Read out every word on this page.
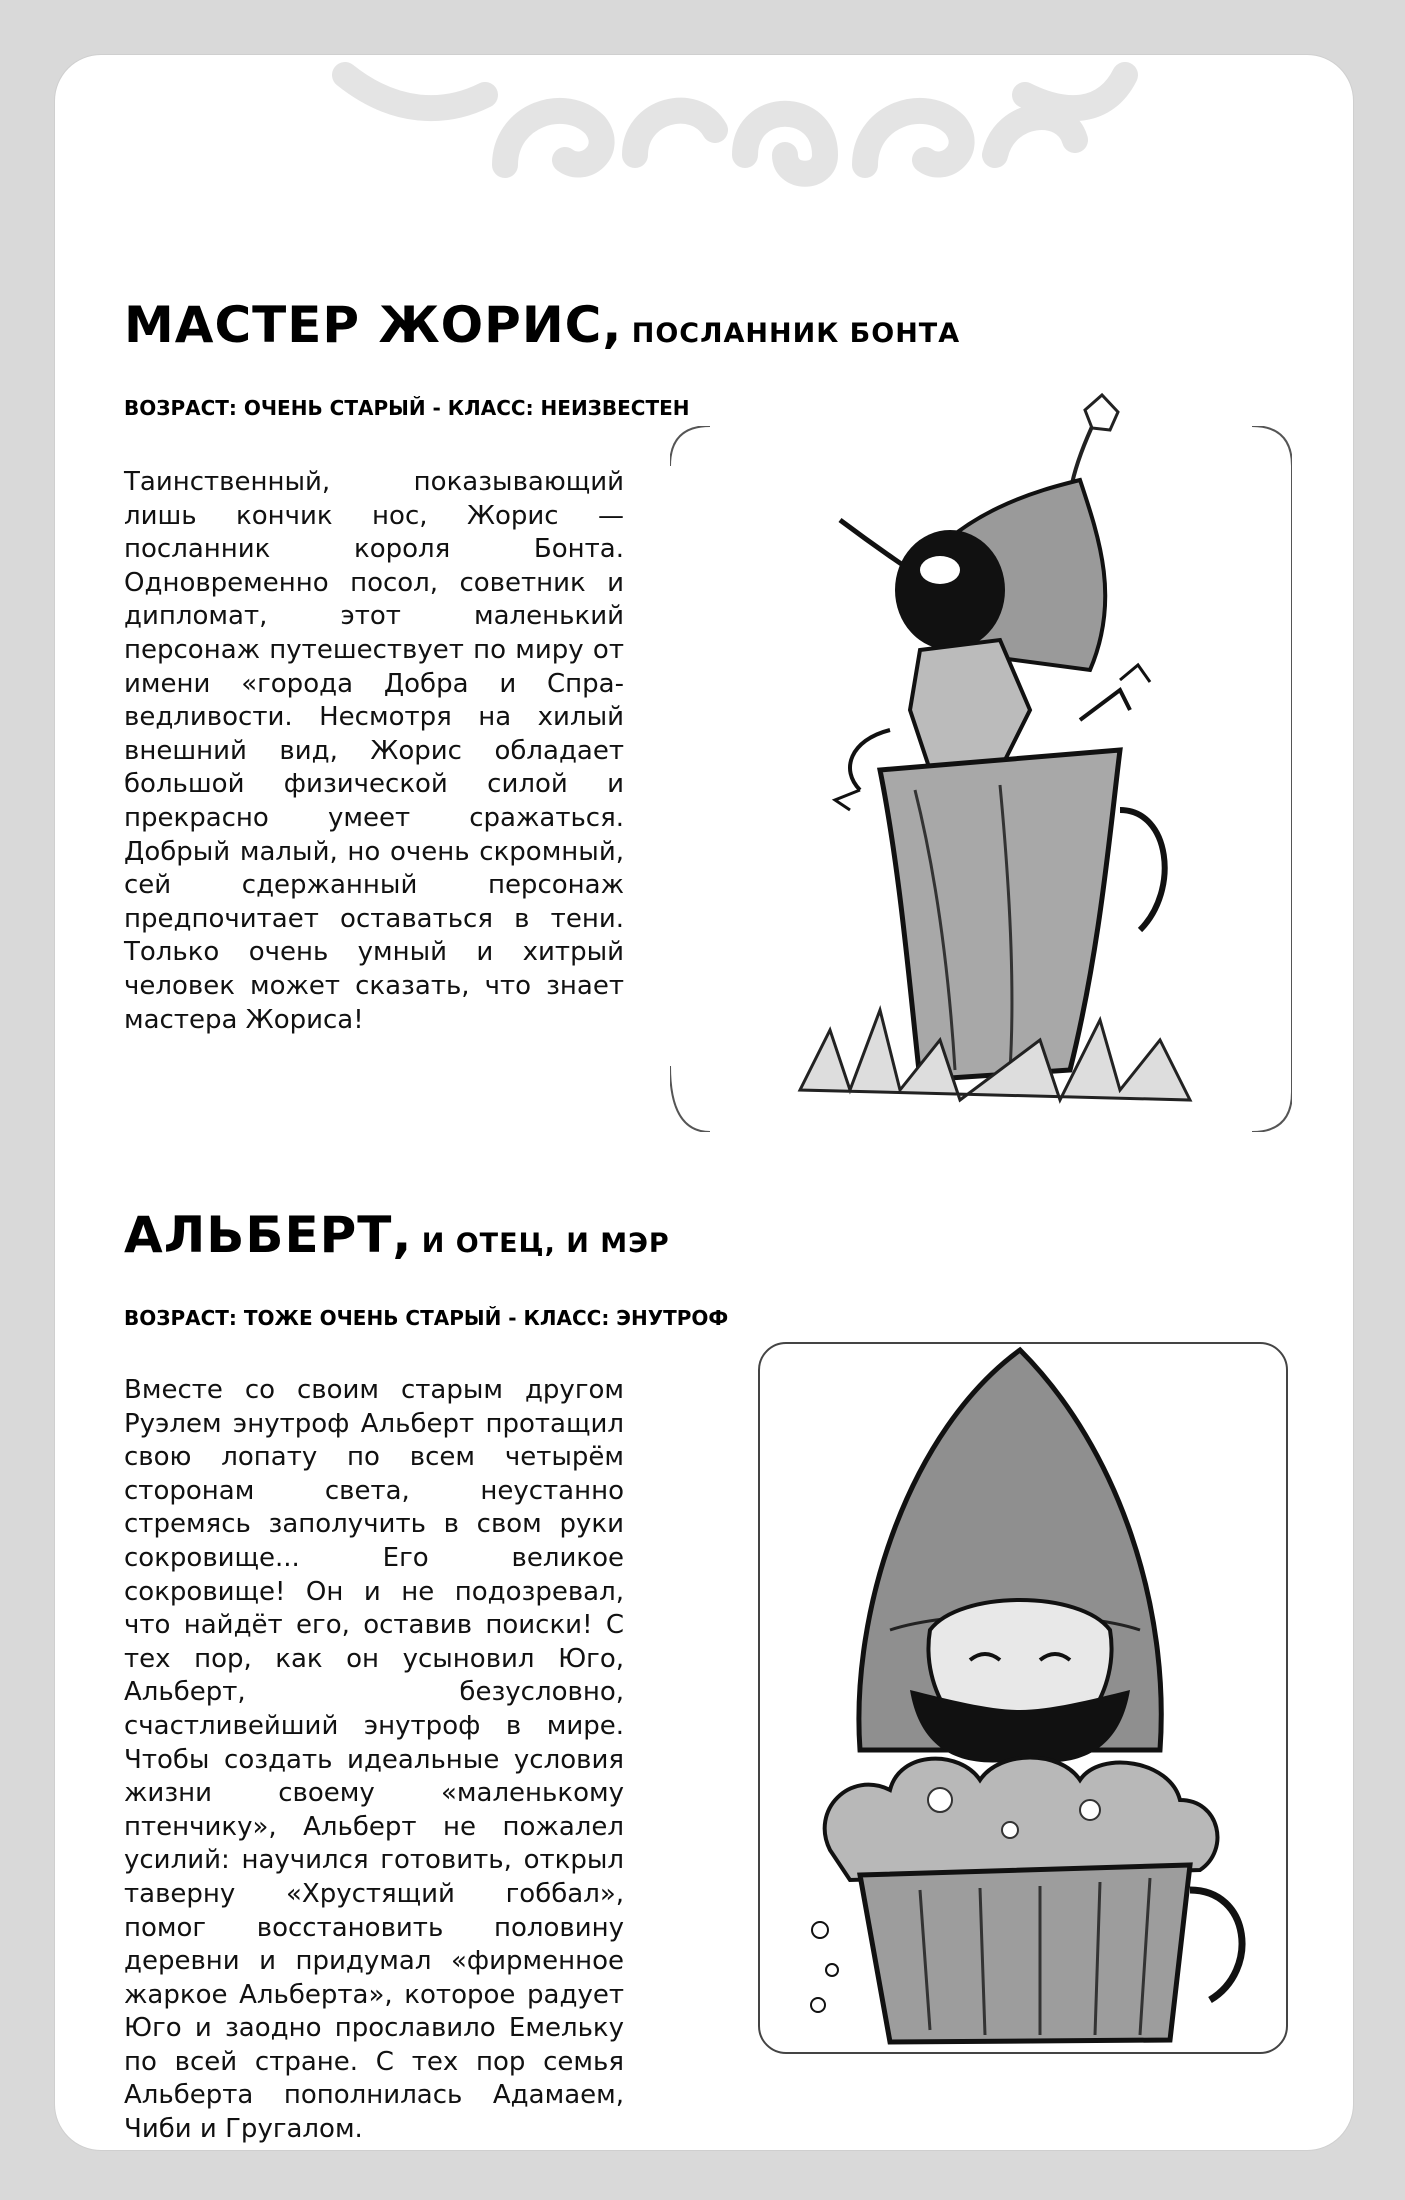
МАСТЕР ЖОРИС, ПОСЛАННИК БОНТА
ВОЗРАСТ: ОЧЕНЬ СТАРЫЙ - КЛАСС: НЕИЗВЕСТЕН

Таинственный, показывающий лишь кончик нос, Жорис — посланник короля Бонта. Одновременно посол, советник и дипломат, этот маленький персонаж путешествует по миру от имени «города Добра и Справедливости. Несмотря на хилый внешний вид, Жорис обладает большой физической силой и прекрасно умеет сражаться. Добрый малый, но очень скромный, сей сдержанный персонаж предпочитает оставаться в тени. Только очень умный и хитрый человек может сказать, что знает мастера Жориса!

АЛЬБЕРТ, И ОТЕЦ, И МЭР
ВОЗРАСТ: ТОЖЕ ОЧЕНЬ СТАРЫЙ - КЛАСС: ЭНУТРОФ

Вместе со своим старым другом Руэлем энутроф Альберт протащил свою лопату по всем четырём сторонам света, неустанно стремясь заполучить в свом руки сокровище... Его великое сокровище! Он и не подозревал, что найдёт его, оставив поиски! С тех пор, как он усыновил Юго, Альберт, безусловно, счастливейший энутроф в мире. Чтобы создать идеальные условия жизни своему «маленькому птенчику», Альберт не пожалел усилий: научился готовить, открыл таверну «Хрустящий гоббал», помог восстановить половину деревни и придумал «фирменное жаркое Альберта», которое радует Юго и заодно прославило Емельку по всей стране. С тех пор семья Альберта пополнилась Адамаем, Чиби и Гругалом.
